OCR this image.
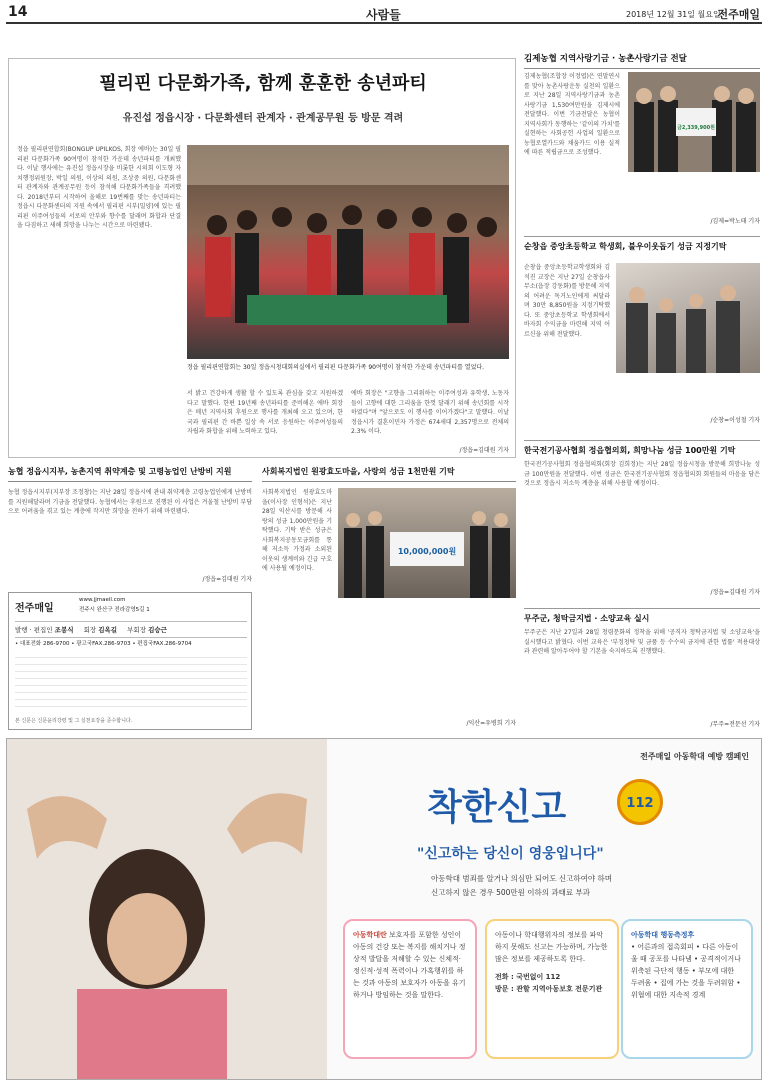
14	사람들	2018년 12월 31일 월요일
전주매일
필리핀 다문화가족, 함께 훈훈한 송년파티
유진섭 정읍시장 · 다문화센터 관계자 · 관계공무원 등 방문 격려
정읍 필리핀연합회(BONGUP UPILKOS, 회장 에바)는 30일 필리핀 다문화가족 90여명이 참석한 가운데 송년파티를 개최했다. 이날 행사에는 유진섭 정읍시장을 비롯한 시의회 이도형 자치행정위원장, 박일 의원, 이상의 의원, 조상중 의원, 다문화센터 관계자와 관계공무원 등이 참석해 다문화가족들을 격려했다. 2018년부터 시작하여 올해로 19번째를 맞는 송년파티는 정읍시 다문화센터의 지원 속에서 필리핀 시부(밀양)에 있는 필리핀 이주여성들의 서로의 안부와 향수를 달래며 화합과 단결을 다짐하고 새해 희망을 나누는 시간으로 마련됐다.
정읍 필리핀연합회는 30일 정읍시청대회의실에서 필리핀 다문화가족 90여명이 참석한 가운데 송년파티를 열었다.
서 밝고 건강하게 생활 할 수 있도록 관심을 갖고 지원하겠다고 말했다. 한편 19년째 송년파티를 준비해온 에바 회장은 매년 지역사회 후원으로 행사를 개최해 오고 있으며, 한국과 필리핀 간 바쁜 일상 속 서로 응원하는 이주여성들의 자립과 화합을 위해 노력하고 있다.
에바 회장은 "고향을 그리워하는 이주여성과 유학생, 노동자들이 고향에 대한 그리움을 한껏 달래기 위해 송년회를 시작하였다"며 "앞으로도 이 행사를 이어가겠다"고 말했다. 이날 정읍시가 결혼이민자 가정은 674세대 2,357명으로 전체의 2.3% 이다.
/정읍=김대원 기자
김제농협 지역사랑기금 · 농촌사랑기금 전달
김제농협(조합장 이정엽)은 연말연시를 맞아 농촌사랑운동 실천의 일환으로 지난 28일 지역사랑기금과 농촌사랑기금 1,530여만원을 김제시에 전달했다. 이번 기금전달은 농협이 지역사회가 동행하는 '같이의 가치'를 실현하는 사회공헌 사업의 일환으로 농협로열카드와 채움카드 이용 실적에 따른 적립금으로 조성했다.
금2,339,900원
/김제=박노태 기자
순창읍 중앙초등학교 학생회, 불우이웃돕기 성금 지정기탁
순창읍 중앙초등학교학생회와 김석진 교장은 지난 27일 순창읍사무소(읍장 강동화)를 방문해 지역의 어려운 독거노인에게 써달라며 30만 8,850원을 지정기탁했다. 또 중앙초등학교 학생회에서 바자회 수익금을 마련해 지역 어르신을 위해 전달했다.
/순창=이성철 기자
한국전기공사협회 정읍협의회, 희망나눔 성금 100만원 기탁
한국전기공사협회 정읍협의회(회장 김희정)는 지난 28일 정읍시청을 방문해 희망나눔 성금 100만원을 전달했다. 이번 성금은 한국전기공사협회 정읍협의회 회원들의 마음을 담은 것으로 정읍시 저소득 계층을 위해 사용할 예정이다.
/정읍=김대원 기자
무주군, 청탁금지법 · 소양교육 실시
무주군은 지난 27일과 28일 청렴문화의 정착을 위해 '공직자 청탁금지법 및 소양교육'을 실시했다고 밝혔다. 이번 교육은 '부정청탁 및 금품 등 수수의 금지에 관한 법률' 적용대상과 관련해 알아두어야 할 기본을 숙지하도록 진행했다.
/무주=전문선 기자
농협 정읍시지부, 농촌지역 취약계층 및 고령농업인 난방비 지원
농협 정읍시지부(지부장 조정창)는 지난 28일 정읍시에 관내 취약계층 고령농업인에게 난방비를 지원해달라며 기금을 전달했다. 농협에서는 후원으로 진행된 이 사업은 겨울철 난방비 부담으로 어려움을 겪고 있는 계층에 작지만 희망을 전하기 위해 마련됐다.
/정읍=김대원 기자
전주매일
www.jjmaeil.com
전주시 완산구 전라감영5길 1
발행 · 편집인 조봉식 회장 김옥길 부회장 김승근
• 대표전화 286-9700 • 광고국FAX.286-9703 • 편집국FAX.286-9704
본 신문은 신문윤리강령 및 그 실천요강을 준수합니다.
사회복지법인 원광효도마을, 사랑의 성금 1천만원 기탁
사회복지법인 원광효도마을(이사장 인형석)은 지난 28일 익산시를 방문해 사랑의 성금 1,000만원을 기탁했다. 기탁 받은 성금은 사회복지공동모금회를 통해 저소득 가정과 소외된 이웃의 생계비와 긴급 구호에 사용될 예정이다.
10,000,000원
/익산=우병희 기자
전주매일 아동학대 예방 캠페인
착한신고	112
"신고하는 당신이 영웅입니다"
아동학대 범죄를 알거나 의심만 되어도 신고하여야 하며
신고하지 않은 경우 500만원 이하의 과태료 부과
아동학대란 보호자를 포함한 성인이 아동의 건강 또는 복지를 해치거나 정상적 발달을 저해할 수 있는 신체적·정신적·성적 폭력이나 가혹행위를 하는 것과 아동의 보호자가 아동을 유기하거나 방임하는 것을 말한다.
아동이나 학대행위자의 정보를 파악하지 못해도 신고는 가능하며, 가능한 많은 정보를 제공하도록 한다.
전화 : 국번없이 112
방문 : 관할 지역아동보호 전문기관
아동학대 행동측정후
• 어른과의 접촉회피 • 다른 아동이 울 때 공포를 나타냄 • 공격적이거나 위축된 극단적 행동 • 부모에 대한 두려움 • 집에 가는 것을 두려워함 • 위협에 대한 지속적 경계
